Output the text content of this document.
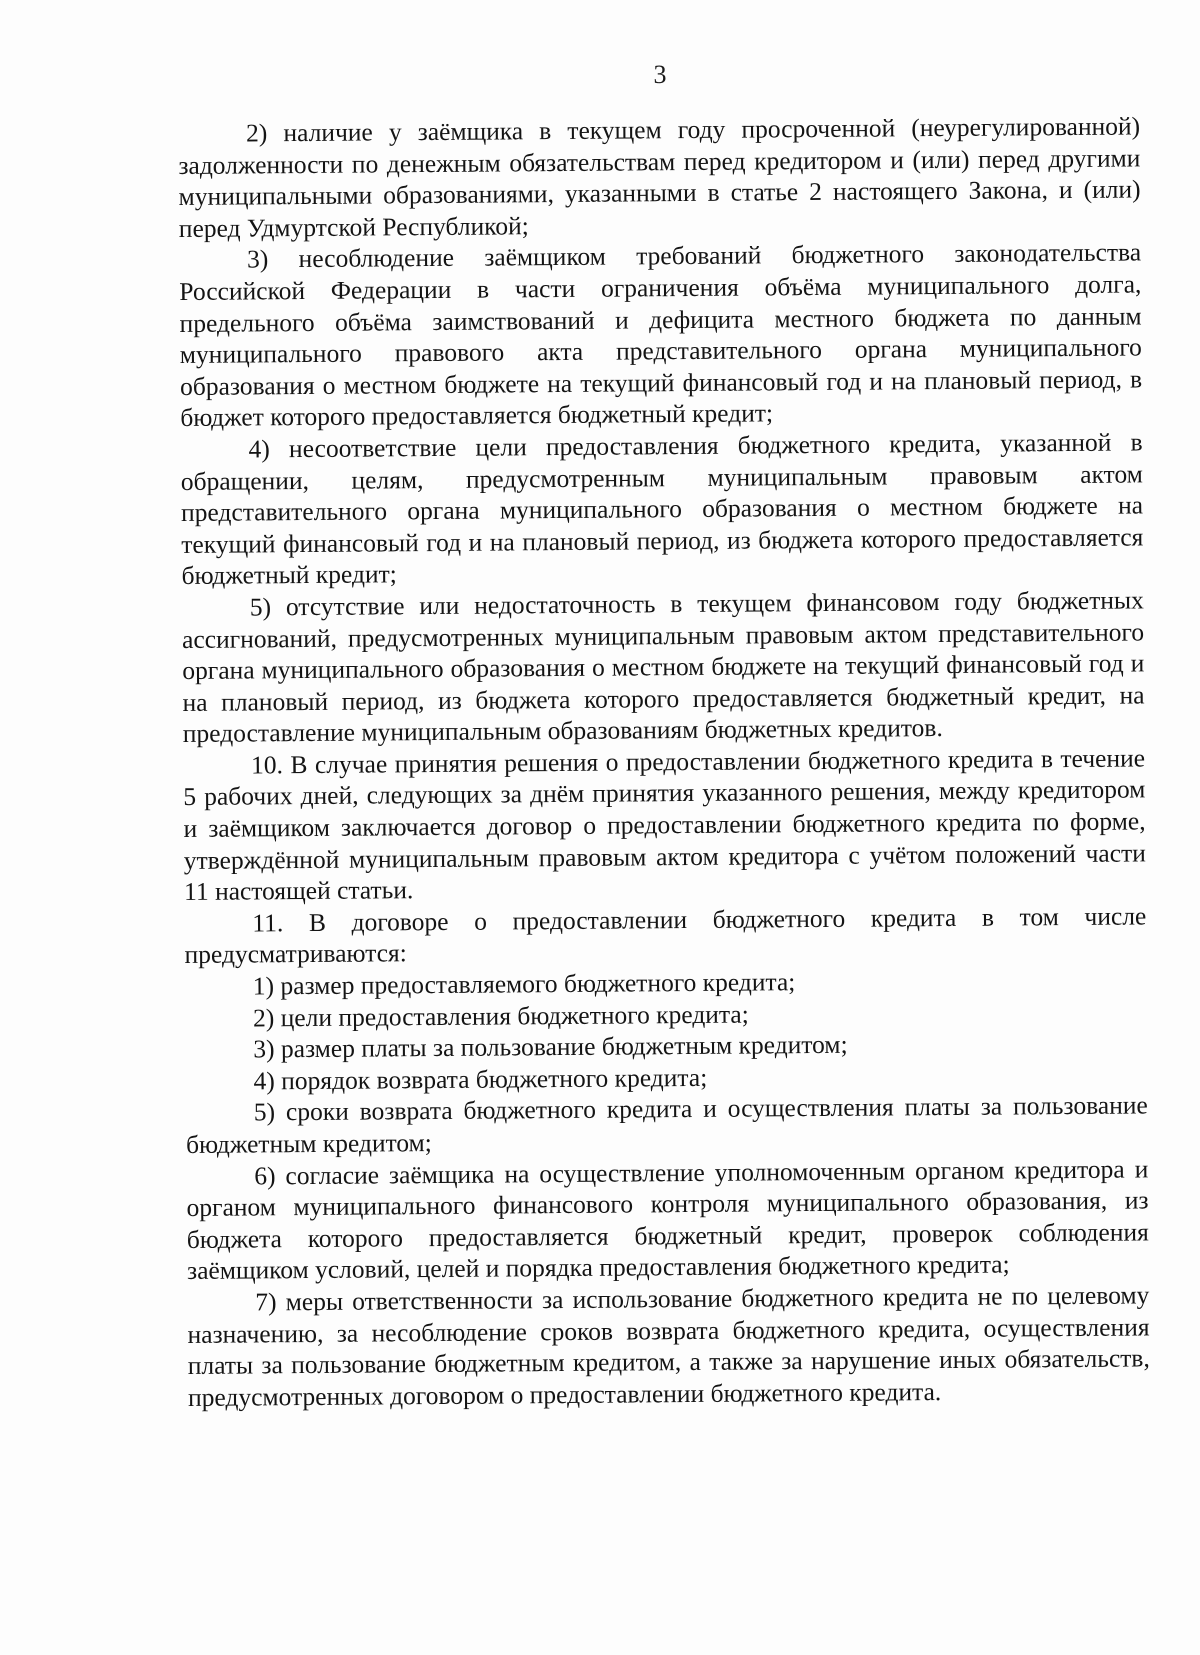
3

2) наличие у заёмщика в текущем году просроченной (неурегулированной) задолженности по денежным обязательствам перед кредитором и (или) перед другими муниципальными образованиями, указанными в статье 2 настоящего Закона, и (или) перед Удмуртской Республикой;

3) несоблюдение заёмщиком требований бюджетного законодательства Российской Федерации в части ограничения объёма муниципального долга, предельного объёма заимствований и дефицита местного бюджета по данным муниципального правового акта представительного органа муниципального образования о местном бюджете на текущий финансовый год и на плановый период, в бюджет которого предоставляется бюджетный кредит;

4) несоответствие цели предоставления бюджетного кредита, указанной в обращении, целям, предусмотренным муниципальным правовым актом представительного органа муниципального образования о местном бюджете на текущий финансовый год и на плановый период, из бюджета которого предоставляется бюджетный кредит;

5) отсутствие или недостаточность в текущем финансовом году бюджетных ассигнований, предусмотренных муниципальным правовым актом представительного органа муниципального образования о местном бюджете на текущий финансовый год и на плановый период, из бюджета которого предоставляется бюджетный кредит, на предоставление муниципальным образованиям бюджетных кредитов.

10. В случае принятия решения о предоставлении бюджетного кредита в течение 5 рабочих дней, следующих за днём принятия указанного решения, между кредитором и заёмщиком заключается договор о предоставлении бюджетного кредита по форме, утверждённой муниципальным правовым актом кредитора с учётом положений части 11 настоящей статьи.

11. В договоре о предоставлении бюджетного кредита в том числе предусматриваются:

1) размер предоставляемого бюджетного кредита;

2) цели предоставления бюджетного кредита;

3) размер платы за пользование бюджетным кредитом;

4) порядок возврата бюджетного кредита;

5) сроки возврата бюджетного кредита и осуществления платы за пользование бюджетным кредитом;

6) согласие заёмщика на осуществление уполномоченным органом кредитора и органом муниципального финансового контроля муниципального образования, из бюджета которого предоставляется бюджетный кредит, проверок соблюдения заёмщиком условий, целей и порядка предоставления бюджетного кредита;

7) меры ответственности за использование бюджетного кредита не по целевому назначению, за несоблюдение сроков возврата бюджетного кредита, осуществления платы за пользование бюджетным кредитом, а также за нарушение иных обязательств, предусмотренных договором о предоставлении бюджетного кредита.
